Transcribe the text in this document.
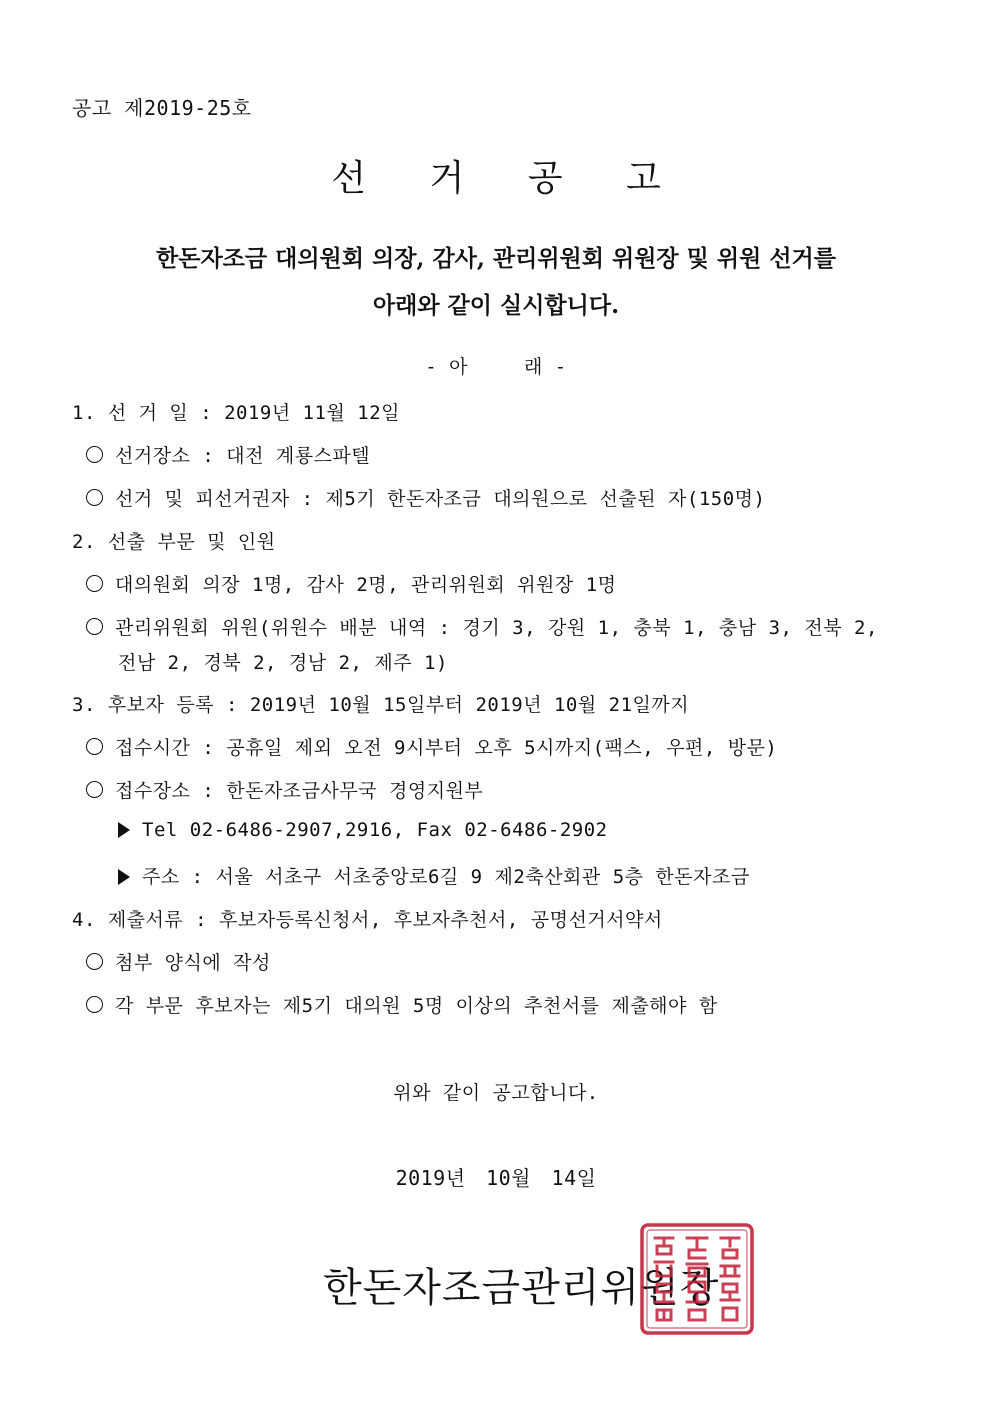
공고 제2019-25호
선 거 공 고
한돈자조금 대의원회 의장, 감사, 관리위원회 위원장 및 위원 선거를
아래와 같이 실시합니다.
- 아	래 -
1. 선 거 일 : 2019년 11월 12일
선거장소 : 대전 계룡스파텔
선거 및 피선거권자 : 제5기 한돈자조금 대의원으로 선출된 자(150명)
2. 선출 부문 및 인원
대의원회 의장 1명, 감사 2명, 관리위원회 위원장 1명
관리위원회 위원(위원수 배분 내역 : 경기 3, 강원 1, 충북 1, 충남 3, 전북 2,
전남 2, 경북 2, 경남 2, 제주 1)
3. 후보자 등록 : 2019년 10월 15일부터 2019년 10월 21일까지
접수시간 : 공휴일 제외 오전 9시부터 오후 5시까지(팩스, 우편, 방문)
접수장소 : 한돈자조금사무국 경영지원부
Tel 02-6486-2907,2916, Fax 02-6486-2902
주소 : 서울 서초구 서초중앙로6길 9 제2축산회관 5층 한돈자조금
4. 제출서류 : 후보자등록신청서, 후보자추천서, 공명선거서약서
첨부 양식에 작성
각 부문 후보자는 제5기 대의원 5명 이상의 추천서를 제출해야 함
위와 같이 공고합니다.
2019년 10월 14일
한돈자조금관리위원장
